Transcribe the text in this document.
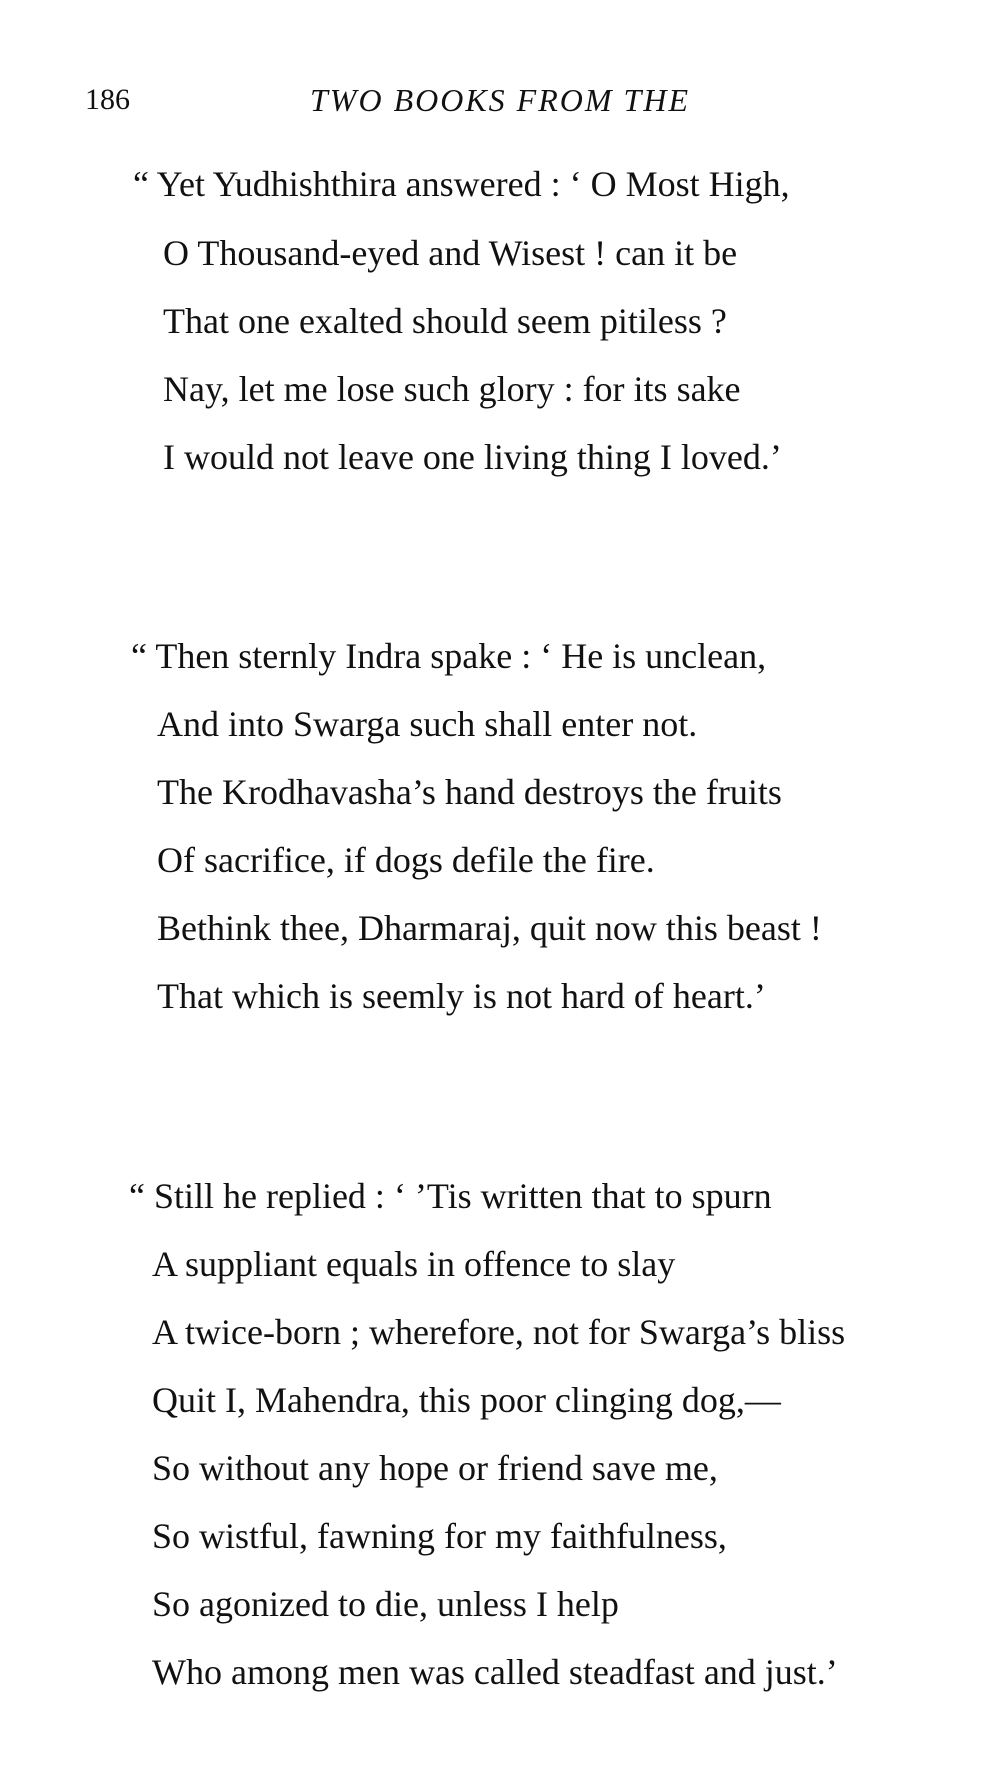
186	TWO BOOKS FROM THE
“ Yet Yudhishthira answered : ‘ O Most High,
O Thousand-eyed and Wisest ! can it be
That one exalted should seem pitiless ?
Nay, let me lose such glory : for its sake
I would not leave one living thing I loved.’
“ Then sternly Indra spake : ‘ He is unclean,
And into Swarga such shall enter not.
The Krodhavasha’s hand destroys the fruits
Of sacrifice, if dogs defile the fire.
Bethink thee, Dharmaraj, quit now this beast !
That which is seemly is not hard of heart.’
“ Still he replied : ‘ ’Tis written that to spurn
A suppliant equals in offence to slay
A twice-born ; wherefore, not for Swarga’s bliss
Quit I, Mahendra, this poor clinging dog,—
So without any hope or friend save me,
So wistful, fawning for my faithfulness,
So agonized to die, unless I help
Who among men was called steadfast and just.’
